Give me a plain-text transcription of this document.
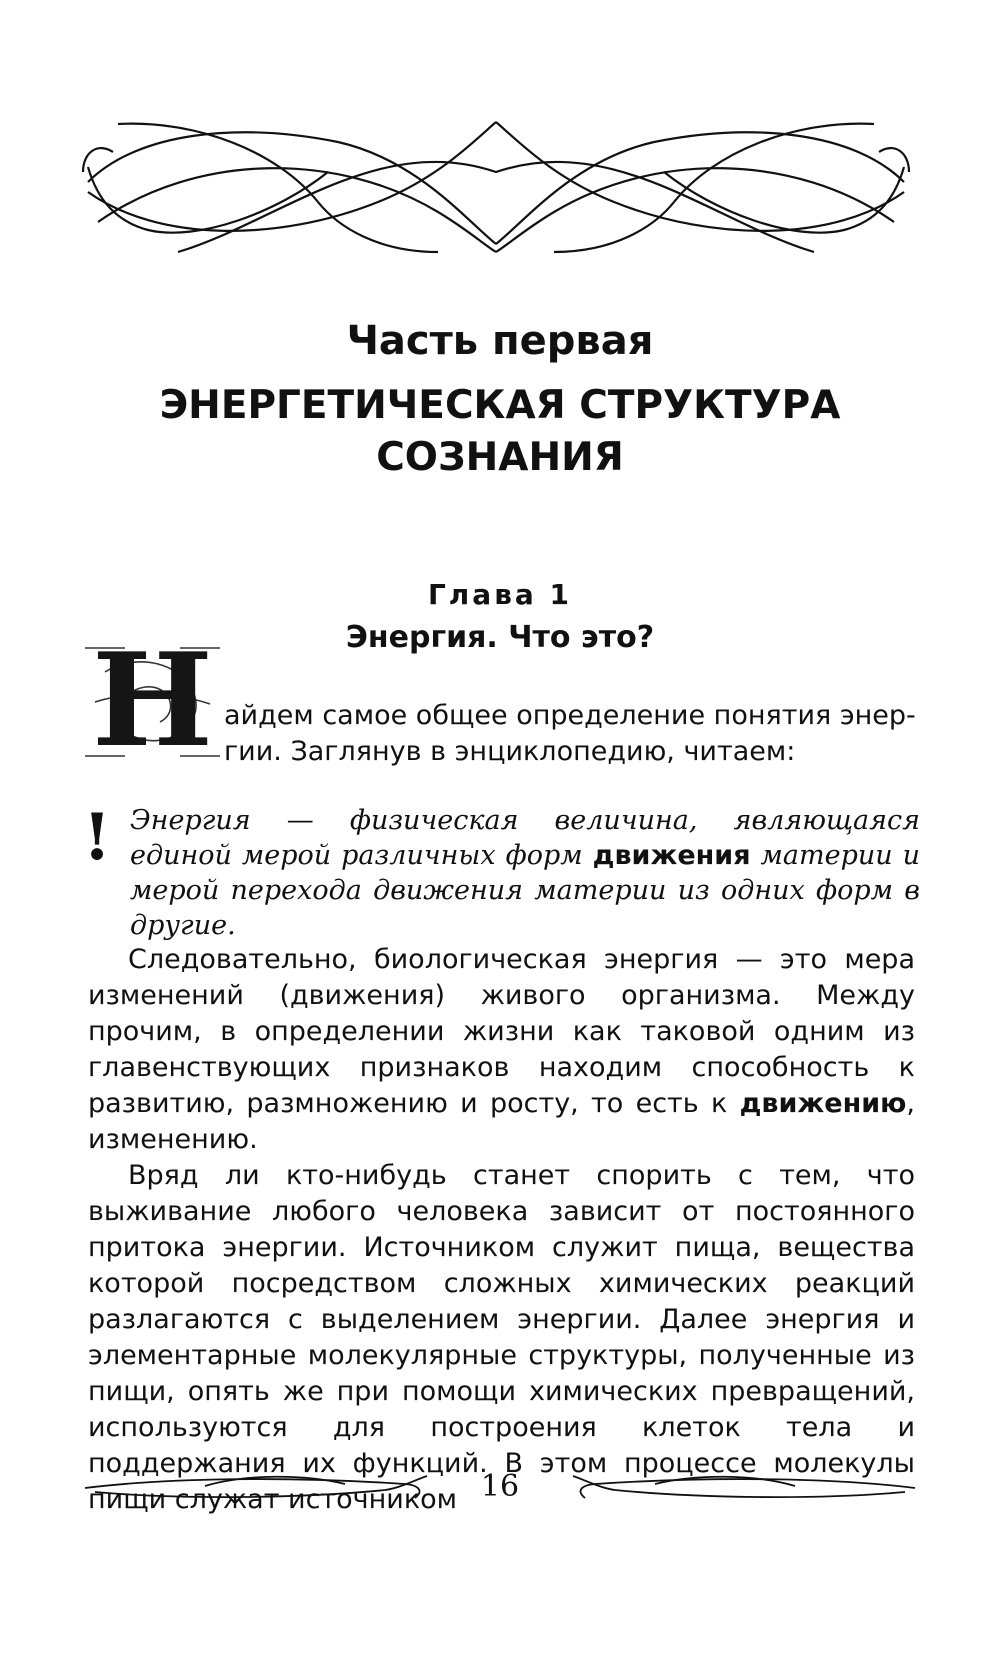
Часть первая
ЭНЕРГЕТИЧЕСКАЯ СТРУКТУРА
СОЗНАНИЯ
Глава 1
Энергия. Что это?
Н айдем самое общее определение понятия энер-
гии. Заглянув в энциклопедию, читаем:
! Энергия — физическая величина, являющаяся единой мерой различных форм движения материи и мерой перехода движения материи из одних форм в другие.

Следовательно, биологическая энергия — это мера изменений (движения) живого организма. Между прочим, в определении жизни как таковой одним из главенствующих признаков находим способность к развитию, размножению и росту, то есть к движению, изменению.

Вряд ли кто-нибудь станет спорить с тем, что выживание любого человека зависит от постоянного притока энергии. Источником служит пища, вещества которой посредством сложных химических реакций разлагаются с выделением энергии. Далее энергия и элементарные молекулярные структуры, полученные из пищи, опять же при помощи химических превращений, используются для построения клеток тела и поддержания их функций. В этом процессе молекулы пищи служат источником 16
